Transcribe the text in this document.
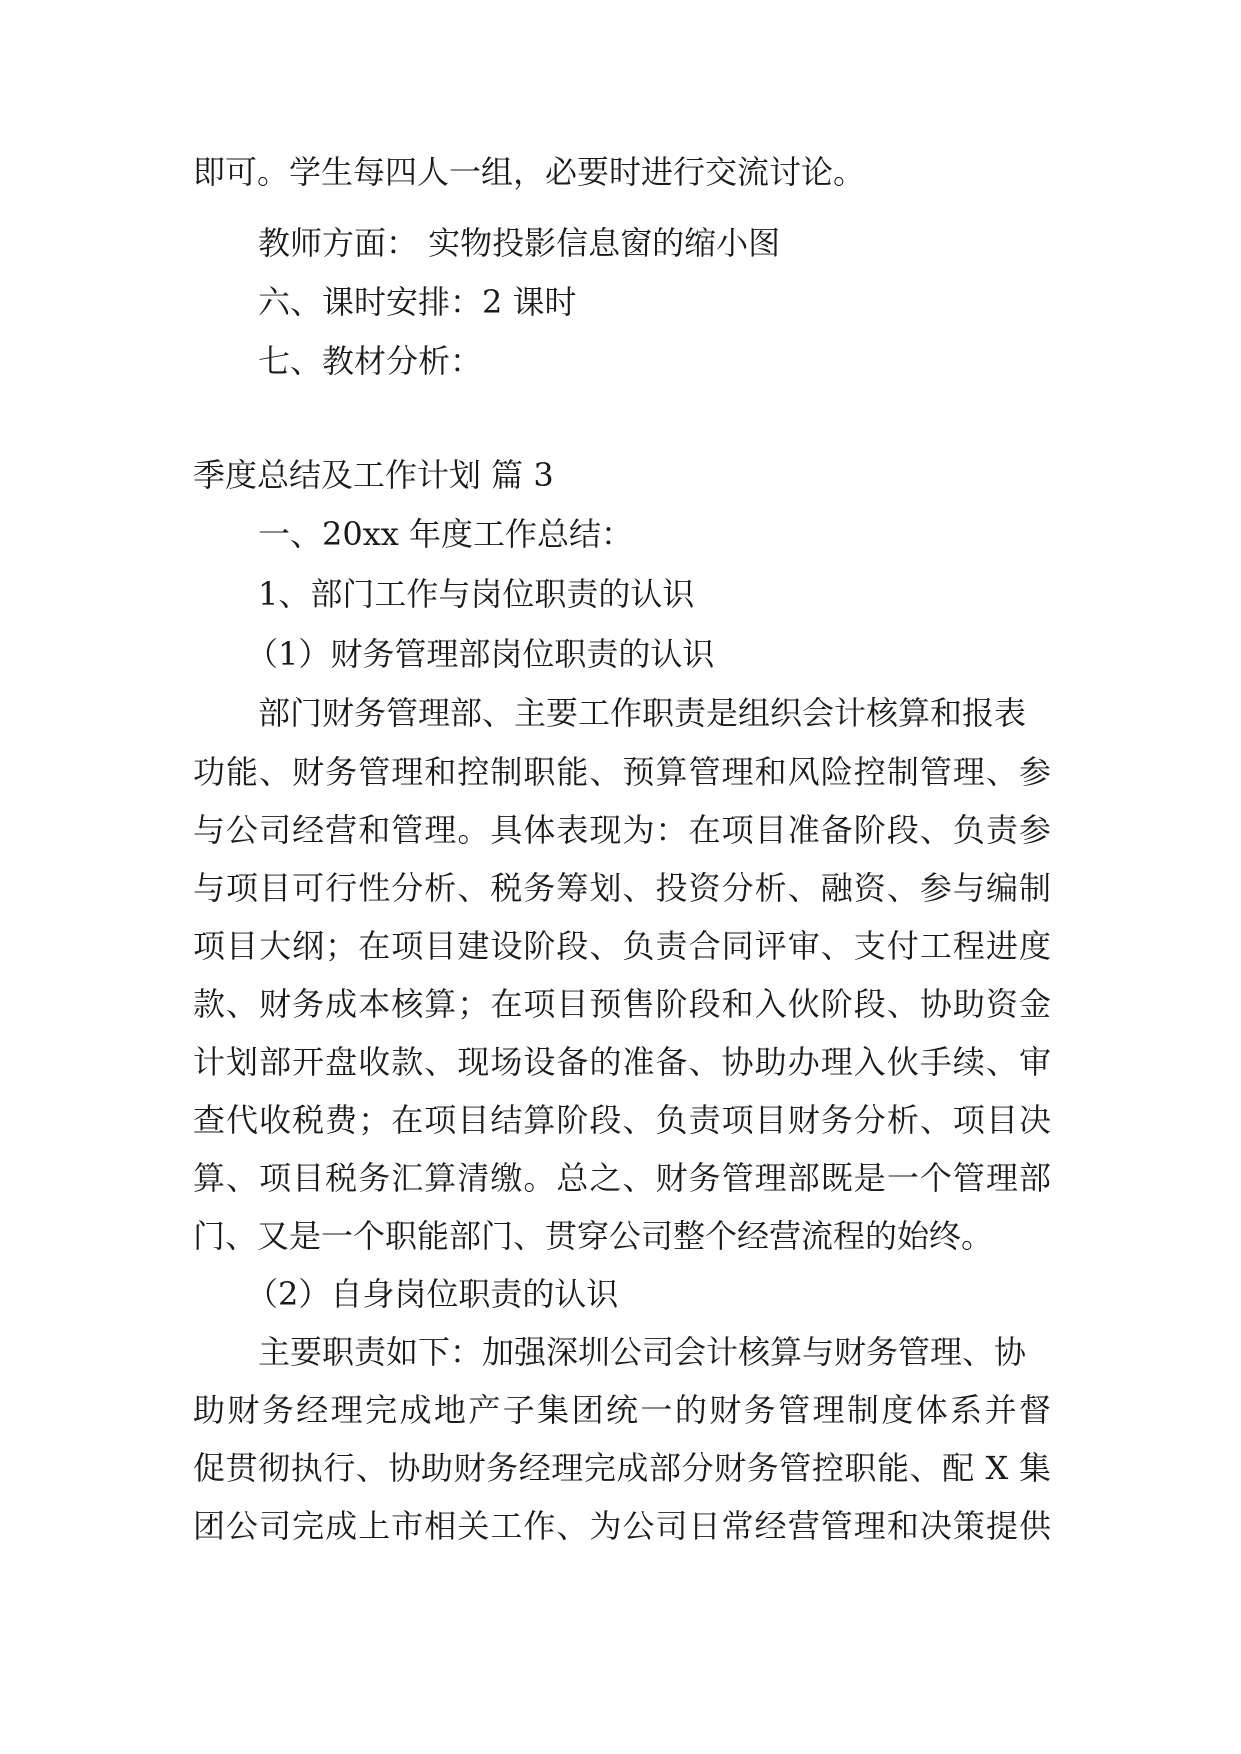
即可。学生每四人一组，必要时进行交流讨论。
教师方面： 实物投影信息窗的缩小图
六、课时安排：2 课时
七、教材分析：
季度总结及工作计划 篇 3
一、20xx 年度工作总结：
1、部门工作与岗位职责的认识
（1）财务管理部岗位职责的认识
部门财务管理部、主要工作职责是组织会计核算和报表
功能、财务管理和控制职能、预算管理和风险控制管理、参
与公司经营和管理。具体表现为：在项目准备阶段、负责参
与项目可行性分析、税务筹划、投资分析、融资、参与编制
项目大纲；在项目建设阶段、负责合同评审、支付工程进度
款、财务成本核算；在项目预售阶段和入伙阶段、协助资金
计划部开盘收款、现场设备的准备、协助办理入伙手续、审
查代收税费；在项目结算阶段、负责项目财务分析、项目决
算、项目税务汇算清缴。总之、财务管理部既是一个管理部
门、又是一个职能部门、贯穿公司整个经营流程的始终。
（2）自身岗位职责的认识
主要职责如下：加强深圳公司会计核算与财务管理、协
助财务经理完成地产子集团统一的财务管理制度体系并督
促贯彻执行、协助财务经理完成部分财务管控职能、配 X 集
团公司完成上市相关工作、为公司日常经营管理和决策提供
